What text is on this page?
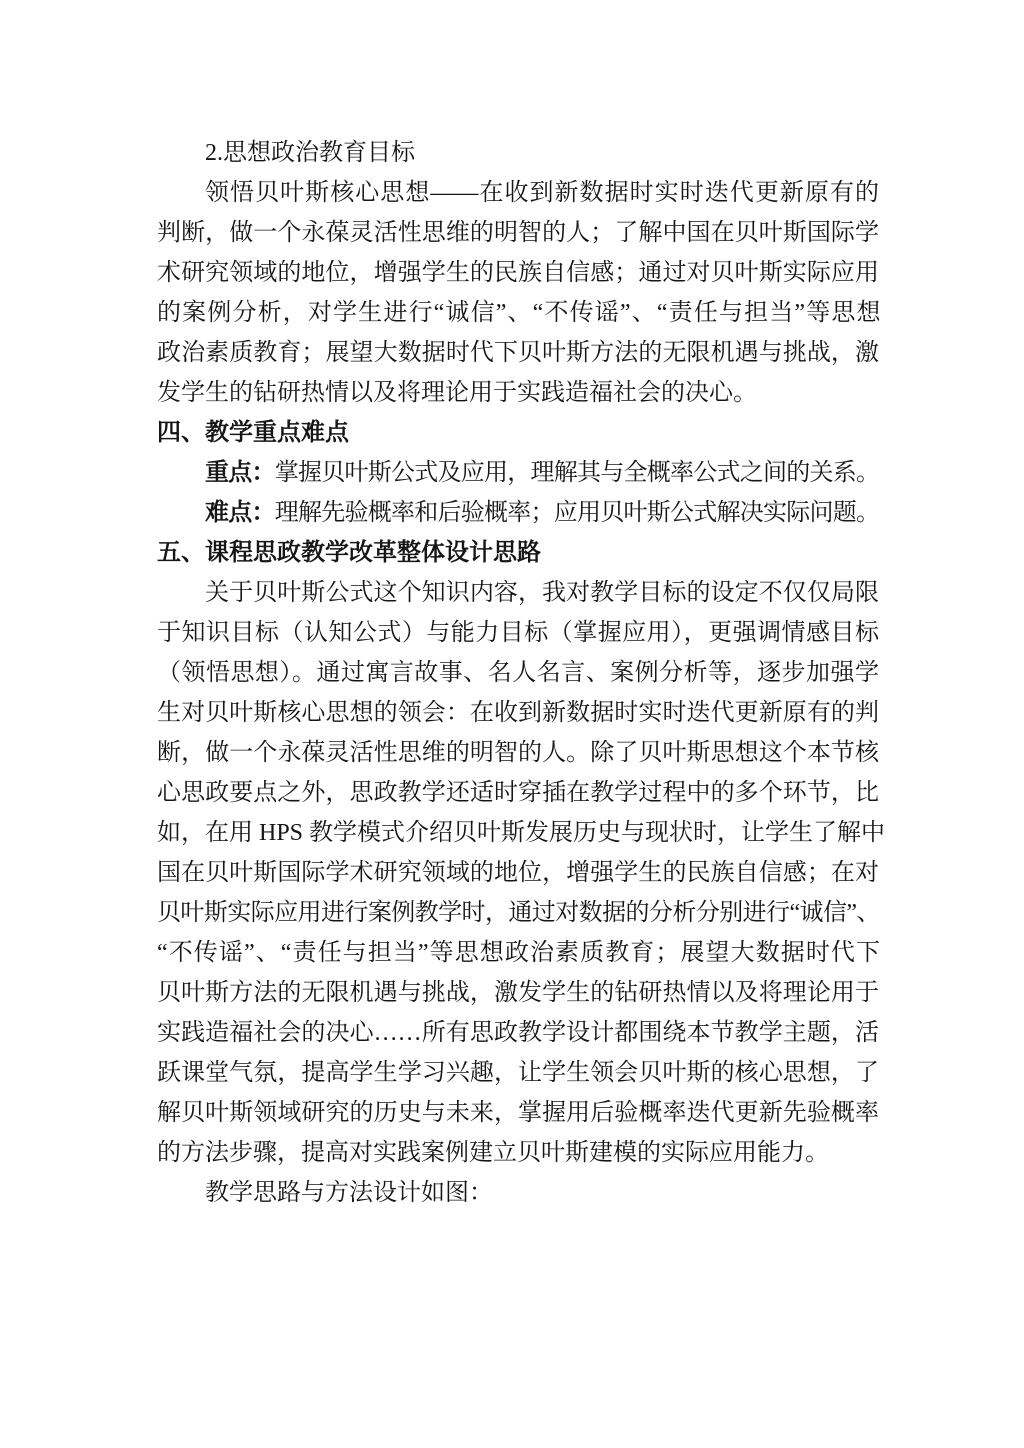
2.思想政治教育目标
领悟贝叶斯核心思想——在收到新数据时实时迭代更新原有的
判断，做一个永葆灵活性思维的明智的人；了解中国在贝叶斯国际学
术研究领域的地位，增强学生的民族自信感；通过对贝叶斯实际应用
的案例分析，对学生进行“诚信”、“不传谣”、“责任与担当”等思想
政治素质教育；展望大数据时代下贝叶斯方法的无限机遇与挑战，激
发学生的钻研热情以及将理论用于实践造福社会的决心。
四、教学重点难点
重点：掌握贝叶斯公式及应用，理解其与全概率公式之间的关系。
难点：理解先验概率和后验概率；应用贝叶斯公式解决实际问题。
五、课程思政教学改革整体设计思路
关于贝叶斯公式这个知识内容，我对教学目标的设定不仅仅局限
于知识目标（认知公式）与能力目标（掌握应用），更强调情感目标
（领悟思想）。通过寓言故事、名人名言、案例分析等，逐步加强学
生对贝叶斯核心思想的领会：在收到新数据时实时迭代更新原有的判
断，做一个永葆灵活性思维的明智的人。除了贝叶斯思想这个本节核
心思政要点之外，思政教学还适时穿插在教学过程中的多个环节，比
如，在用 HPS 教学模式介绍贝叶斯发展历史与现状时，让学生了解中
国在贝叶斯国际学术研究领域的地位，增强学生的民族自信感；在对
贝叶斯实际应用进行案例教学时，通过对数据的分析分别进行“诚信”、
“不传谣”、“责任与担当”等思想政治素质教育；展望大数据时代下
贝叶斯方法的无限机遇与挑战，激发学生的钻研热情以及将理论用于
实践造福社会的决心……所有思政教学设计都围绕本节教学主题，活
跃课堂气氛，提高学生学习兴趣，让学生领会贝叶斯的核心思想，了
解贝叶斯领域研究的历史与未来，掌握用后验概率迭代更新先验概率
的方法步骤，提高对实践案例建立贝叶斯建模的实际应用能力。
教学思路与方法设计如图：
